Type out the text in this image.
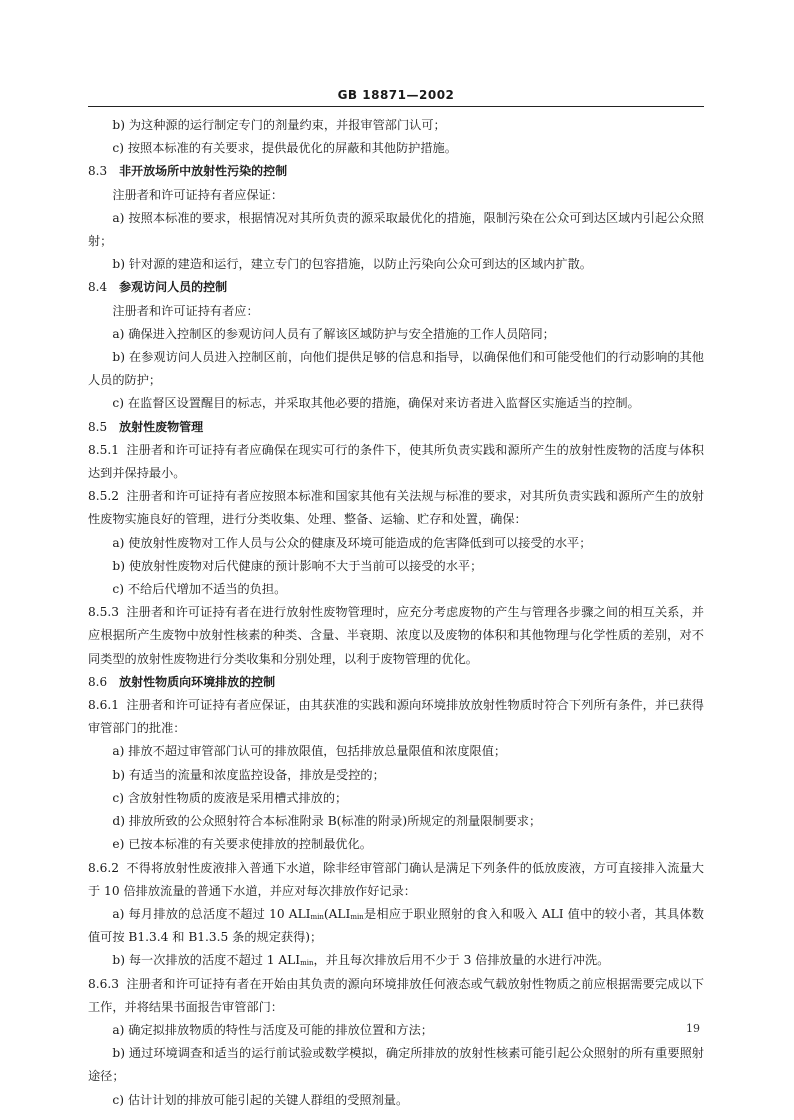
GB 18871—2002

b) 为这种源的运行制定专门的剂量约束，并报审管部门认可；

c) 按照本标准的有关要求，提供最优化的屏蔽和其他防护措施。

8.3 非开放场所中放射性污染的控制

注册者和许可证持有者应保证：

a) 按照本标准的要求，根据情况对其所负责的源采取最优化的措施，限制污染在公众可到达区域内引起公众照射；

b) 针对源的建造和运行，建立专门的包容措施，以防止污染向公众可到达的区域内扩散。

8.4 参观访问人员的控制

注册者和许可证持有者应：

a) 确保进入控制区的参观访问人员有了解该区域防护与安全措施的工作人员陪同；

b) 在参观访问人员进入控制区前，向他们提供足够的信息和指导，以确保他们和可能受他们的行动影响的其他人员的防护；

c) 在监督区设置醒目的标志，并采取其他必要的措施，确保对来访者进入监督区实施适当的控制。

8.5 放射性废物管理

8.5.1 注册者和许可证持有者应确保在现实可行的条件下，使其所负责实践和源所产生的放射性废物的活度与体积达到并保持最小。

8.5.2 注册者和许可证持有者应按照本标准和国家其他有关法规与标准的要求，对其所负责实践和源所产生的放射性废物实施良好的管理，进行分类收集、处理、整备、运输、贮存和处置，确保：

a) 使放射性废物对工作人员与公众的健康及环境可能造成的危害降低到可以接受的水平；

b) 使放射性废物对后代健康的预计影响不大于当前可以接受的水平；

c) 不给后代增加不适当的负担。

8.5.3 注册者和许可证持有者在进行放射性废物管理时，应充分考虑废物的产生与管理各步骤之间的相互关系，并应根据所产生废物中放射性核素的种类、含量、半衰期、浓度以及废物的体积和其他物理与化学性质的差别，对不同类型的放射性废物进行分类收集和分别处理，以利于废物管理的优化。

8.6 放射性物质向环境排放的控制

8.6.1 注册者和许可证持有者应保证，由其获准的实践和源向环境排放放射性物质时符合下列所有条件，并已获得审管部门的批准：

a) 排放不超过审管部门认可的排放限值，包括排放总量限值和浓度限值；

b) 有适当的流量和浓度监控设备，排放是受控的；

c) 含放射性物质的废液是采用槽式排放的；

d) 排放所致的公众照射符合本标准附录 B(标准的附录)所规定的剂量限制要求；

e) 已按本标准的有关要求使排放的控制最优化。

8.6.2 不得将放射性废液排入普通下水道，除非经审管部门确认是满足下列条件的低放废液，方可直接排入流量大于 10 倍排放流量的普通下水道，并应对每次排放作好记录：

a) 每月排放的总活度不超过 10 $ALI_{min}(ALI_{min}$是相应于职业照射的食入和吸入 ALI 值中的较小者，其具体数值可按 B1.3.4 和 B1.3.5 条的规定获得)；

b) 每一次排放的活度不超过 1 $ALI_{min}$，并且每次排放后用不少于 3 倍排放量的水进行冲洗。

8.6.3 注册者和许可证持有者在开始由其负责的源向环境排放任何液态或气载放射性物质之前应根据需要完成以下工作，并将结果书面报告审管部门：

a) 确定拟排放物质的特性与活度及可能的排放位置和方法；

b) 通过环境调查和适当的运行前试验或数学模拟，确定所排放的放射性核素可能引起公众照射的所有重要照射途径；

c) 估计计划的排放可能引起的关键人群组的受照剂量。

19
